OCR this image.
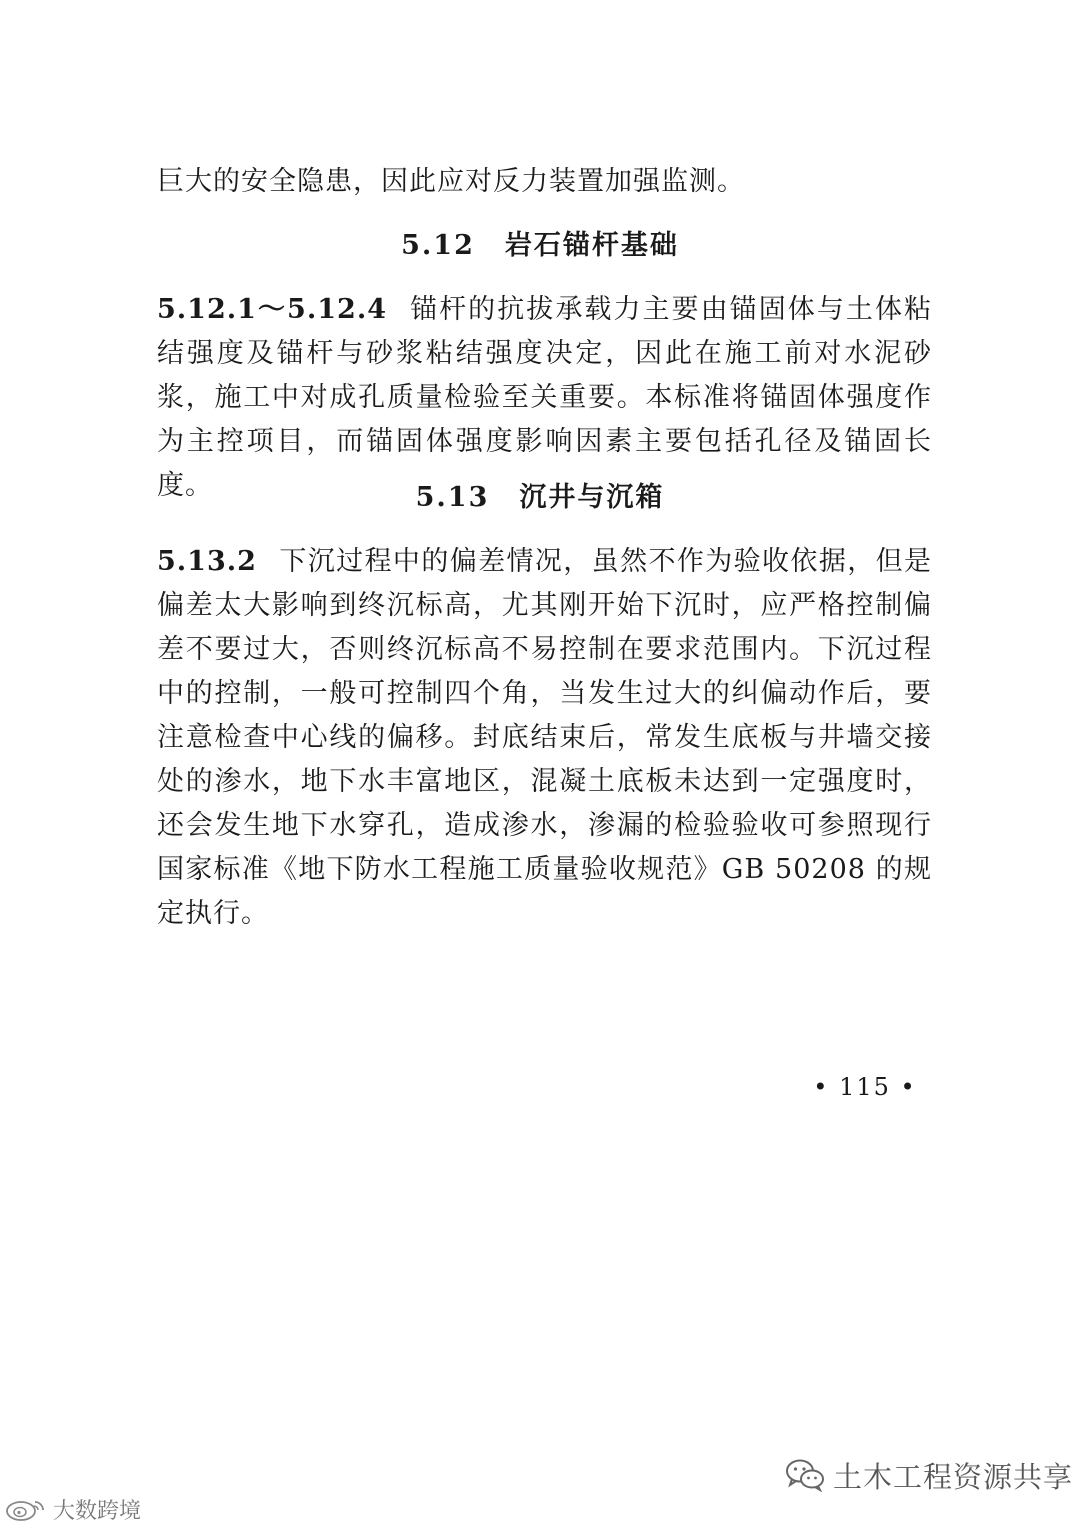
巨大的安全隐患，因此应对反力装置加强监测。
5.12 岩石锚杆基础
5.12.1～5.12.4 锚杆的抗拔承载力主要由锚固体与土体粘结强度及锚杆与砂浆粘结强度决定，因此在施工前对水泥砂浆，施工中对成孔质量检验至关重要。本标准将锚固体强度作为主控项目，而锚固体强度影响因素主要包括孔径及锚固长度。	5.13 沉井与沉箱
5.13.2 下沉过程中的偏差情况，虽然不作为验收依据，但是偏差太大影响到终沉标高，尤其刚开始下沉时，应严格控制偏差不要过大，否则终沉标高不易控制在要求范围内。下沉过程中的控制，一般可控制四个角，当发生过大的纠偏动作后，要注意检查中心线的偏移。封底结束后，常发生底板与井墙交接处的渗水，地下水丰富地区，混凝土底板未达到一定强度时，还会发生地下水穿孔，造成渗水，渗漏的检验验收可参照现行国家标准《地下防水工程施工质量验收规范》GB 50208 的规定执行。
• 115 •
土木工程资源共享
大数跨境
